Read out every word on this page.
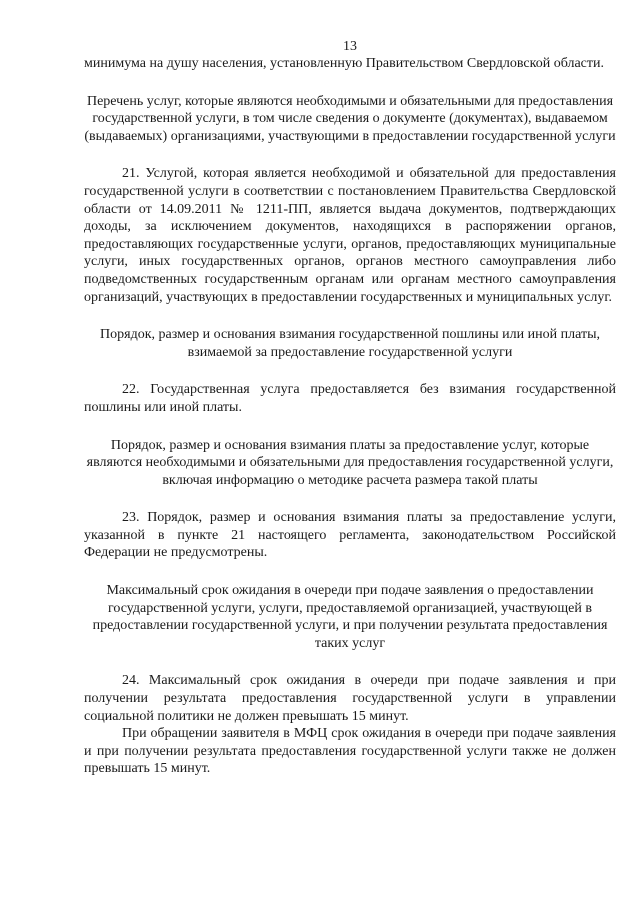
13

минимума на душу населения, установленную Правительством Свердловской области.

Перечень услуг, которые являются необходимыми и обязательными для предоставления государственной услуги, в том числе сведения о документе (документах), выдаваемом (выдаваемых) организациями, участвующими в предоставлении государственной услуги

21. Услугой, которая является необходимой и обязательной для предоставления государственной услуги в соответствии с постановлением Правительства Свердловской области от 14.09.2011 № 1211-ПП, является выдача документов, подтверждающих доходы, за исключением документов, находящихся в распоряжении органов, предоставляющих государственные услуги, органов, предоставляющих муниципальные услуги, иных государственных органов, органов местного самоуправления либо подведомственных государственным органам или органам местного самоуправления организаций, участвующих в предоставлении государственных и муниципальных услуг.

Порядок, размер и основания взимания государственной пошлины или иной платы, взимаемой за предоставление государственной услуги

22. Государственная услуга предоставляется без взимания государственной пошлины или иной платы.

Порядок, размер и основания взимания платы за предоставление услуг, которые являются необходимыми и обязательными для предоставления государственной услуги, включая информацию о методике расчета размера такой платы

23. Порядок, размер и основания взимания платы за предоставление услуги, указанной в пункте 21 настоящего регламента, законодательством Российской Федерации не предусмотрены.

Максимальный срок ожидания в очереди при подаче заявления о предоставлении государственной услуги, услуги, предоставляемой организацией, участвующей в предоставлении государственной услуги, и при получении результата предоставления таких услуг

24. Максимальный срок ожидания в очереди при подаче заявления и при получении результата предоставления государственной услуги в управлении социальной политики не должен превышать 15 минут.

При обращении заявителя в МФЦ срок ожидания в очереди при подаче заявления и при получении результата предоставления государственной услуги также не должен превышать 15 минут.
